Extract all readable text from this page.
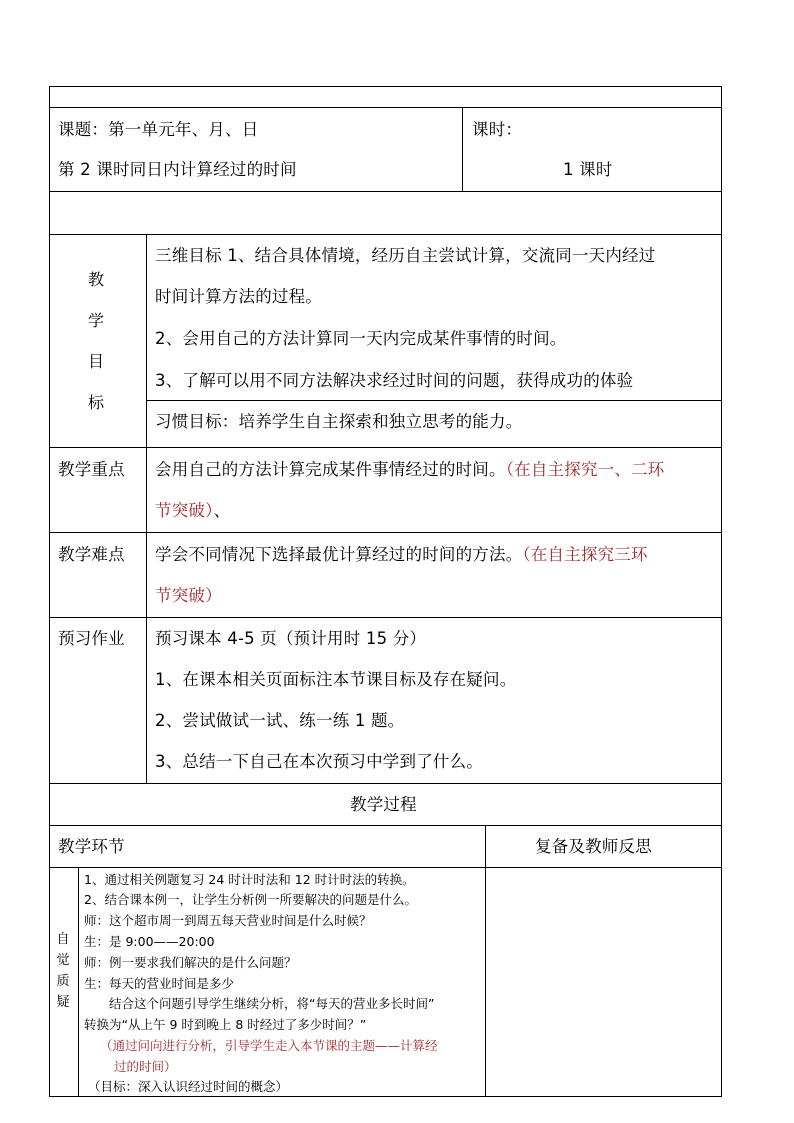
课题：第一单元年、月、日
第 2 课时同日内计算经过的时间
课时：
1 课时
教
学
目
标
三维目标 1、结合具体情境，经历自主尝试计算，交流同一天内经过
时间计算方法的过程。
2、会用自己的方法计算同一天内完成某件事情的时间。
3、了解可以用不同方法解决求经过时间的问题，获得成功的体验
习惯目标：培养学生自主探索和独立思考的能力。
教学重点 会用自己的方法计算完成某件事情经过的时间。（在自主探究一、二环
节突破）、
教学难点 学会不同情况下选择最优计算经过的时间的方法。（在自主探究三环
节突破）
预习作业 预习课本 4-5 页（预计用时 15 分）
1、在课本相关页面标注本节课目标及存在疑问。
2、尝试做试一试、练一练 1 题。
3、总结一下自己在本次预习中学到了什么。
教学过程
教学环节	复备及教师反思
自
觉
质
疑
1、通过相关例题复习 24 时计时法和 12 时计时法的转换。
2、结合课本例一，让学生分析例一所要解决的问题是什么。
师：这个超市周一到周五每天营业时间是什么时候？
生：是 9:00——20:00
师：例一要求我们解决的是什么问题？
生：每天的营业时间是多少
　　结合这个问题引导学生继续分析，将“每天的营业多长时间”
转换为“从上午 9 时到晚上 8 时经过了多少时间？”
（通过问向进行分析，引导学生走入本节课的主题——计算经
过的时间）
（目标：深入认识经过时间的概念）
